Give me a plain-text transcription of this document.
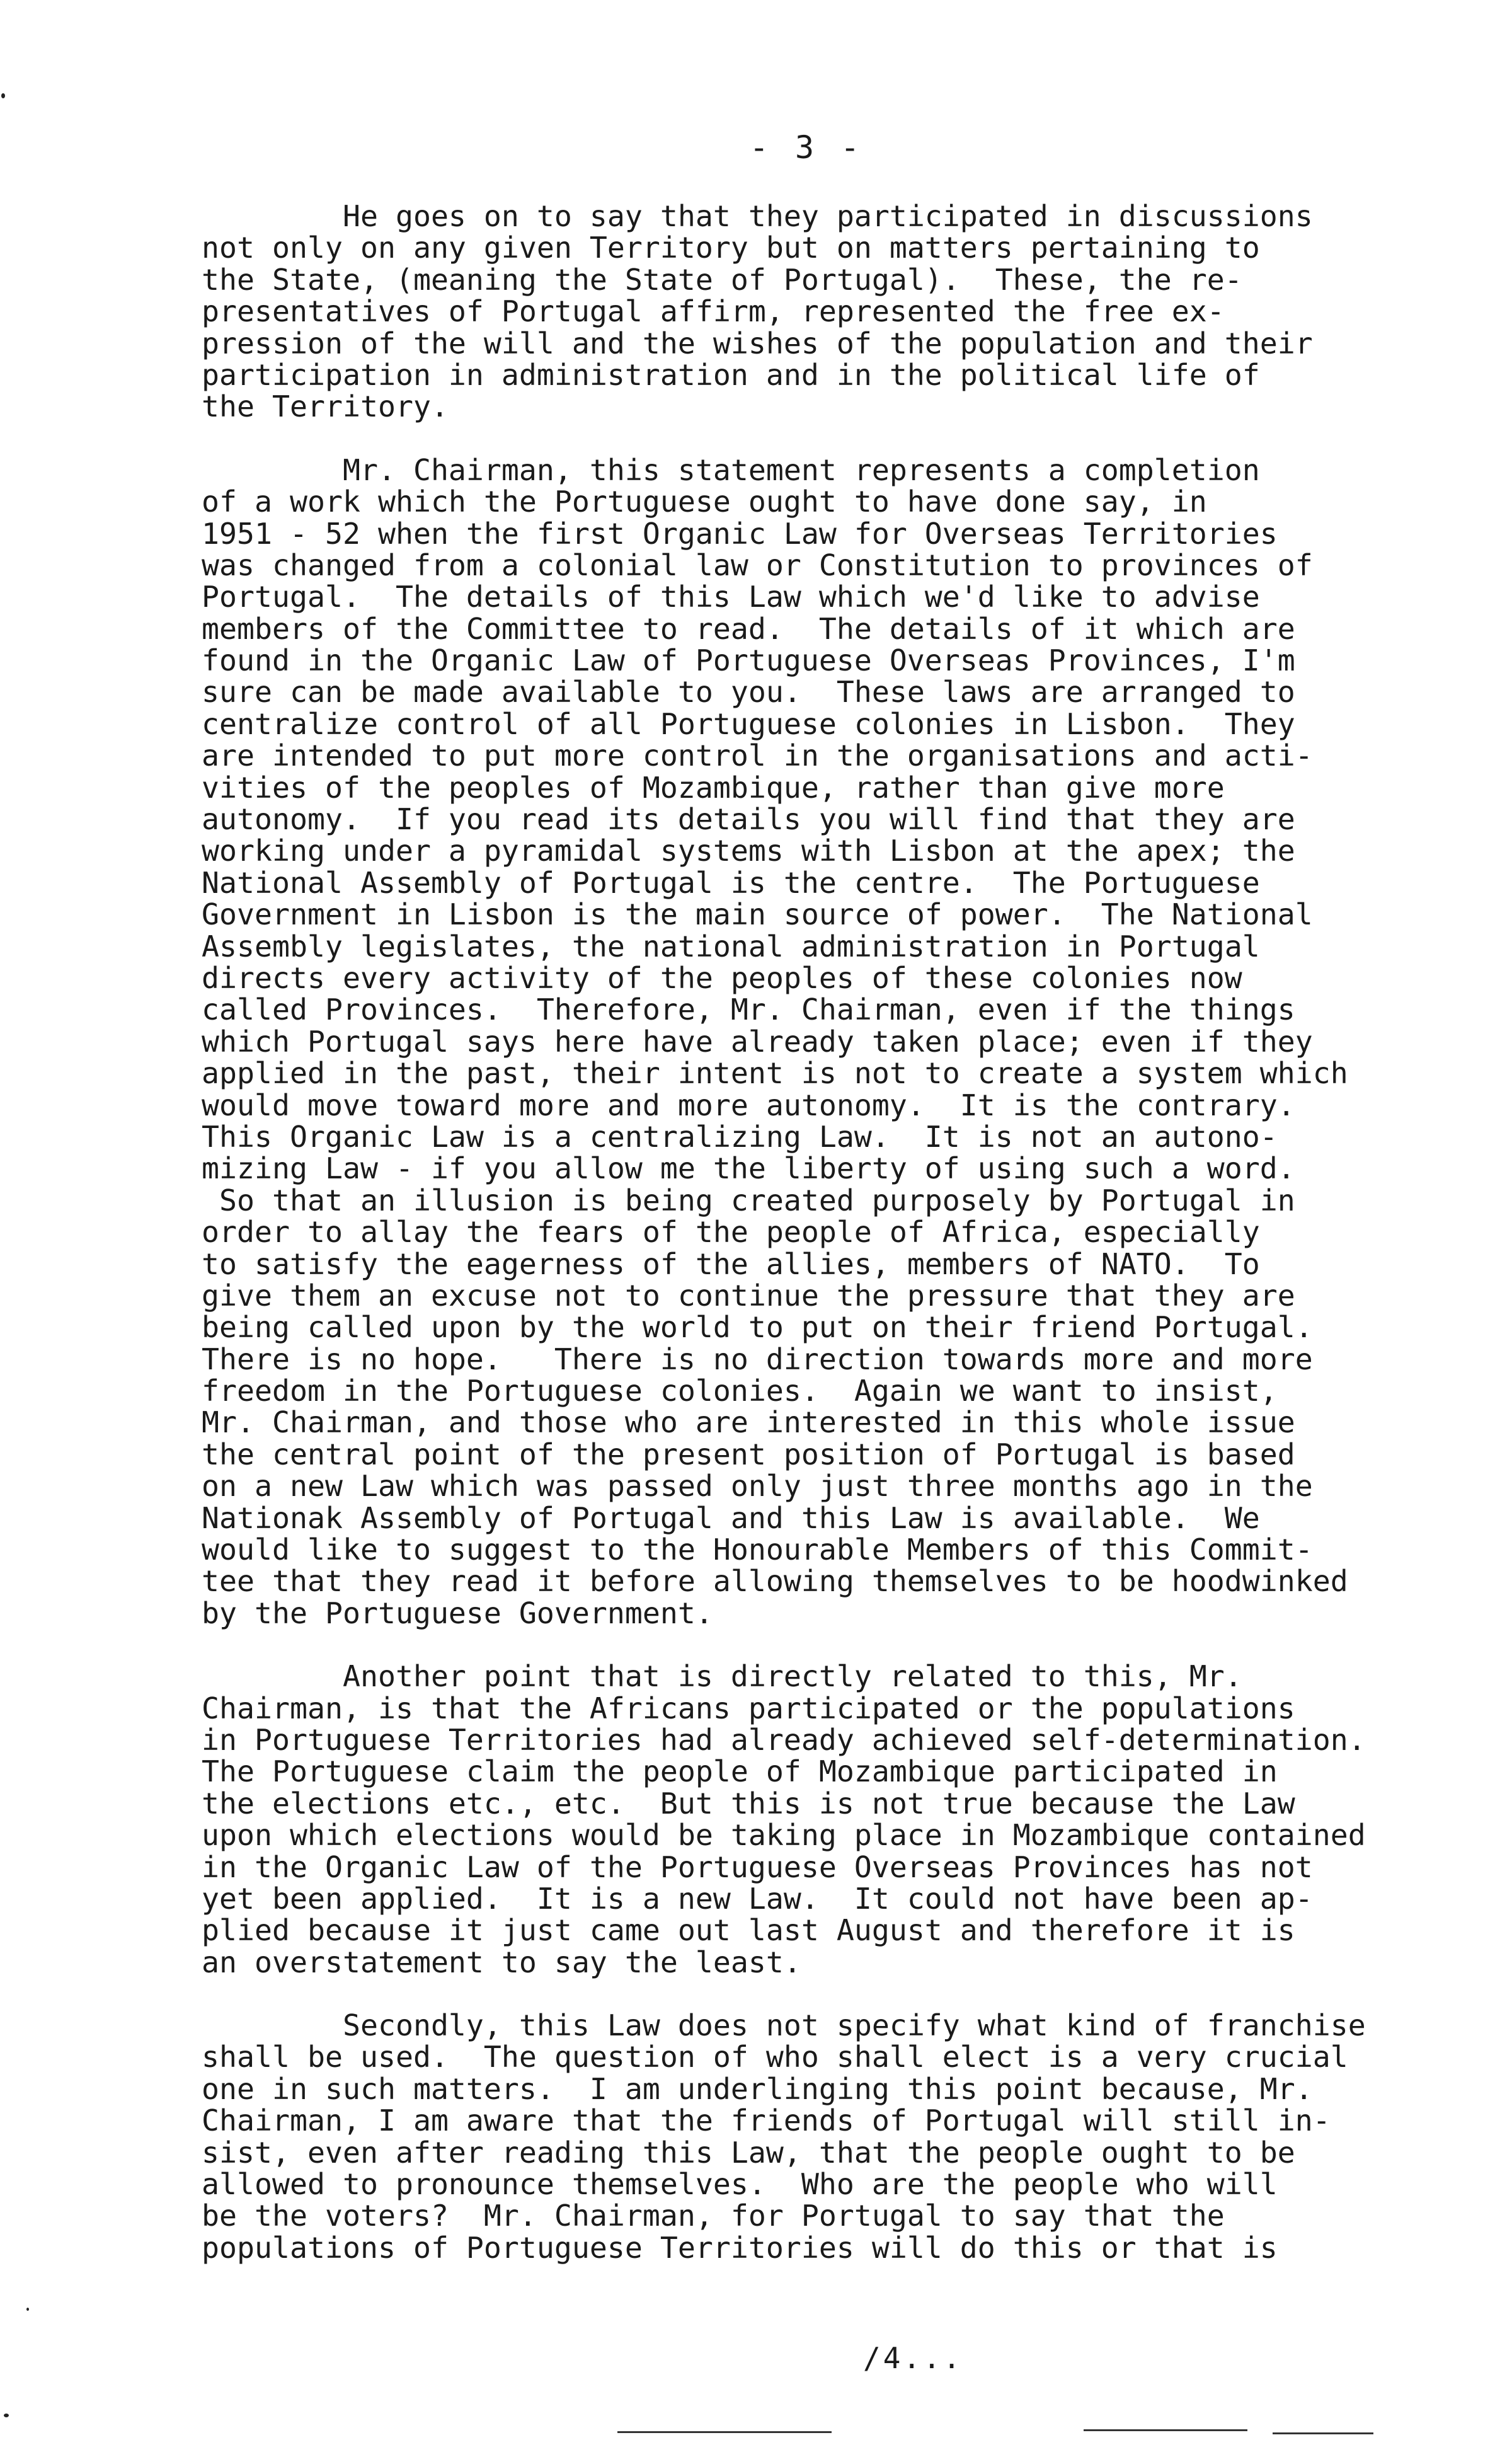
- 3 -
He goes on to say that they participated in discussions
not only on any given Territory but on matters pertaining to
the State, (meaning the State of Portugal).  These, the re-
presentatives of Portugal affirm, represented the free ex-
pression of the will and the wishes of the population and their
participation in administration and in the political life of
the Territory.
Mr. Chairman, this statement represents a completion
of a work which the Portuguese ought to have done say, in
1951 - 52 when the first Organic Law for Overseas Territories
was changed from a colonial law or Constitution to provinces of
Portugal.  The details of this Law which we'd like to advise
members of the Committee to read.  The details of it which are
found in the Organic Law of Portuguese Overseas Provinces, I'm
sure can be made available to you.  These laws are arranged to
centralize control of all Portuguese colonies in Lisbon.  They
are intended to put more control in the organisations and acti-
vities of the peoples of Mozambique, rather than give more
autonomy.  If you read its details you will find that they are
working under a pyramidal systems with Lisbon at the apex; the
National Assembly of Portugal is the centre.  The Portuguese
Government in Lisbon is the main source of power.  The National
Assembly legislates, the national administration in Portugal
directs every activity of the peoples of these colonies now
called Provinces.  Therefore, Mr. Chairman, even if the things
which Portugal says here have already taken place; even if they
applied in the past, their intent is not to create a system which
would move toward more and more autonomy.  It is the contrary.
This Organic Law is a centralizing Law.  It is not an autono-
mizing Law - if you allow me the liberty of using such a word.
So that an illusion is being created purposely by Portugal in
order to allay the fears of the people of Africa, especially
to satisfy the eagerness of the allies, members of NATO.  To
give them an excuse not to continue the pressure that they are
being called upon by the world to put on their friend Portugal.
There is no hope.   There is no direction towards more and more
freedom in the Portuguese colonies.  Again we want to insist,
Mr. Chairman, and those who are interested in this whole issue
the central point of the present position of Portugal is based
on a new Law which was passed only just three months ago in the
Nationak Assembly of Portugal and this Law is available.  We
would like to suggest to the Honourable Members of this Commit-
tee that they read it before allowing themselves to be hoodwinked
by the Portuguese Government.
Another point that is directly related to this, Mr.
Chairman, is that the Africans participated or the populations
in Portuguese Territories had already achieved self-determination.
The Portuguese claim the people of Mozambique participated in
the elections etc., etc.  But this is not true because the Law
upon which elections would be taking place in Mozambique contained
in the Organic Law of the Portuguese Overseas Provinces has not
yet been applied.  It is a new Law.  It could not have been ap-
plied because it just came out last August and therefore it is
an overstatement to say the least.
Secondly, this Law does not specify what kind of franchise
shall be used.  The question of who shall elect is a very crucial
one in such matters.  I am underlinging this point because, Mr.
Chairman, I am aware that the friends of Portugal will still in-
sist, even after reading this Law, that the people ought to be
allowed to pronounce themselves.  Who are the people who will
be the voters?  Mr. Chairman, for Portugal to say that the
populations of Portuguese Territories will do this or that is
/4...
